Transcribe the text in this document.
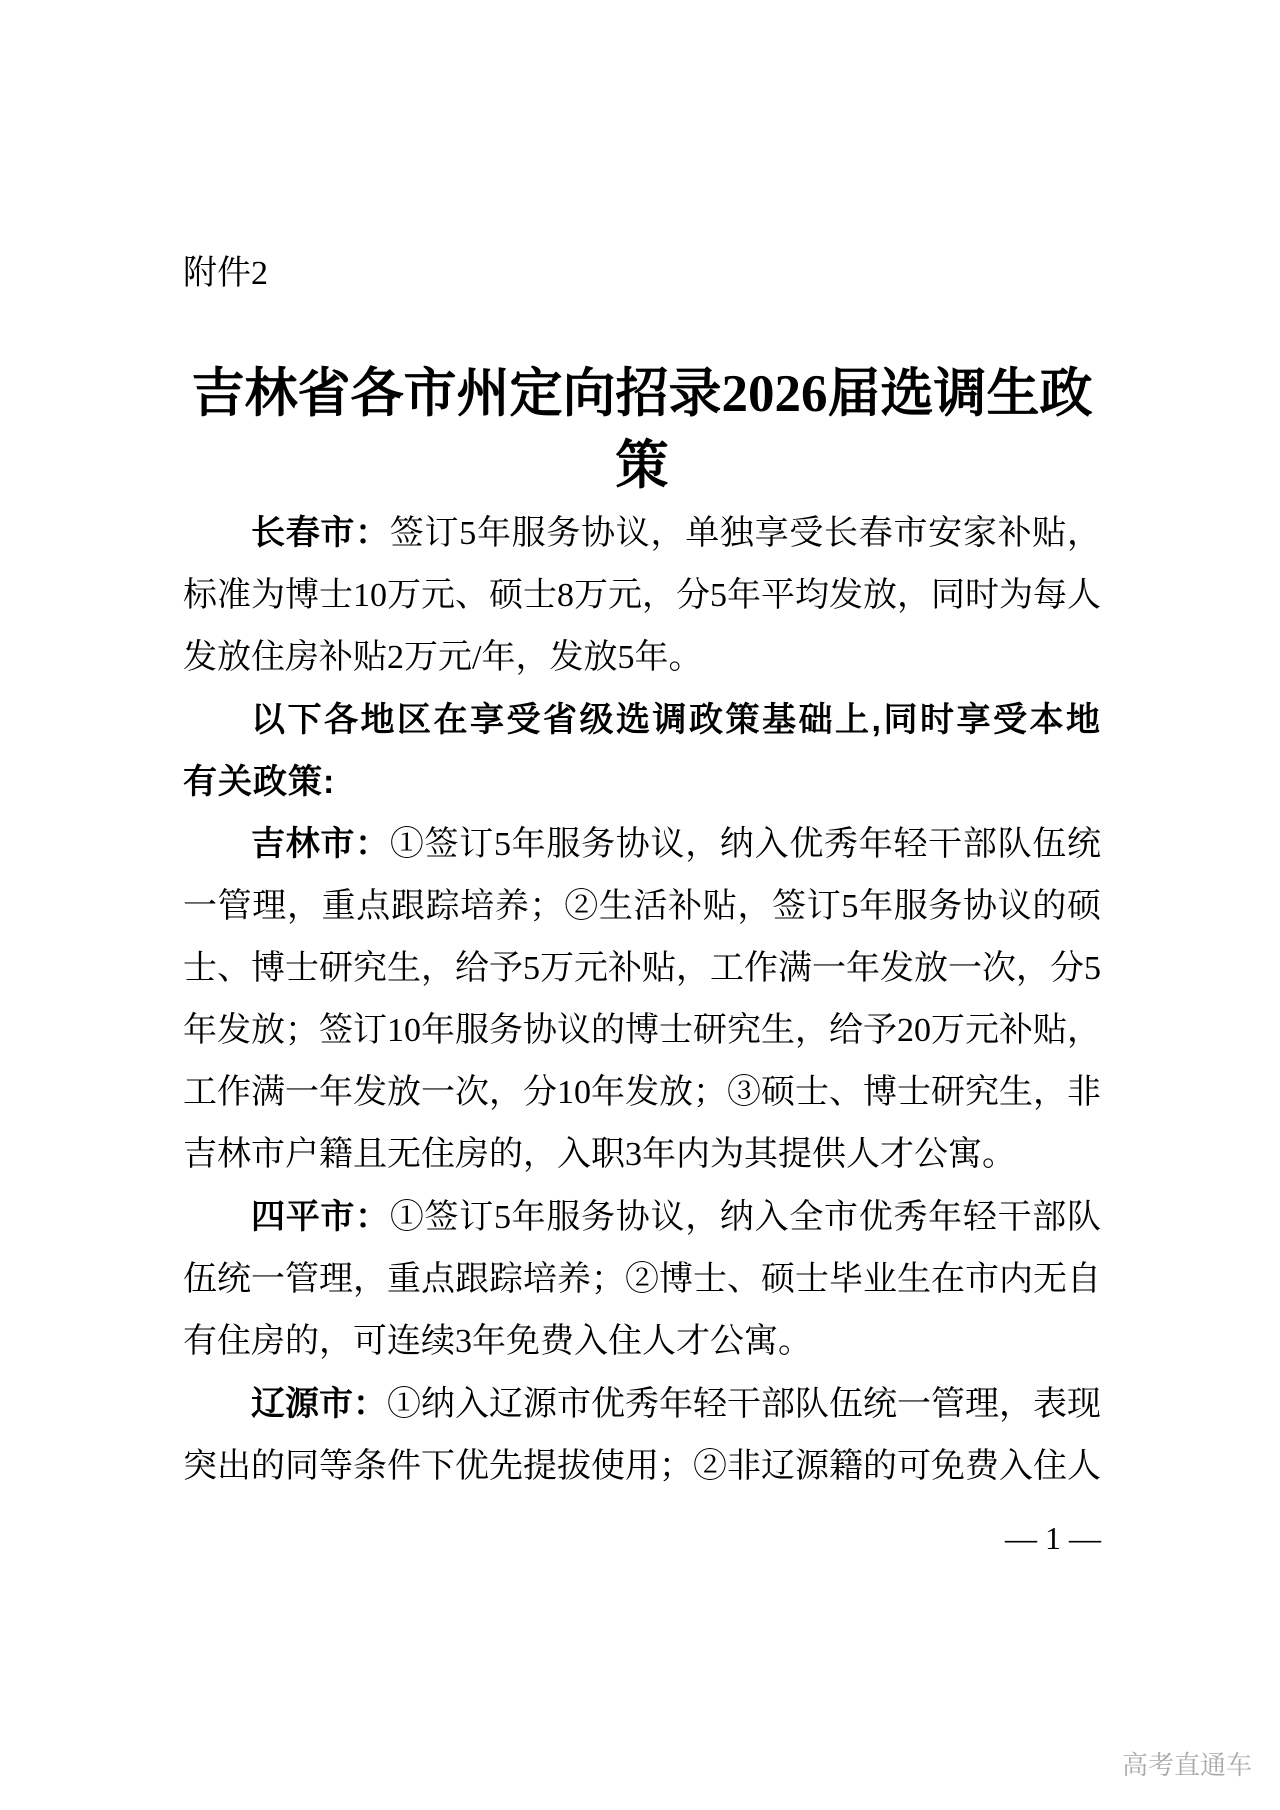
附件2
吉林省各市州定向招录2026届选调生政策

长春市：签订5年服务协议，单独享受长春市安家补贴，标准为博士10万元、硕士8万元，分5年平均发放，同时为每人发放住房补贴2万元/年，发放5年。

以下各地区在享受省级选调政策基础上,同时享受本地有关政策:

吉林市：①签订5年服务协议，纳入优秀年轻干部队伍统一管理，重点跟踪培养；②生活补贴，签订5年服务协议的硕士、博士研究生，给予5万元补贴，工作满一年发放一次，分5年发放；签订10年服务协议的博士研究生，给予20万元补贴，工作满一年发放一次，分10年发放；③硕士、博士研究生，非吉林市户籍且无住房的，入职3年内为其提供人才公寓。

四平市：①签订5年服务协议，纳入全市优秀年轻干部队伍统一管理，重点跟踪培养；②博士、硕士毕业生在市内无自有住房的，可连续3年免费入住人才公寓。

辽源市：①纳入辽源市优秀年轻干部队伍统一管理，表现突出的同等条件下优先提拔使用；②非辽源籍的可免费入住人

— 1 —
高考直通车
